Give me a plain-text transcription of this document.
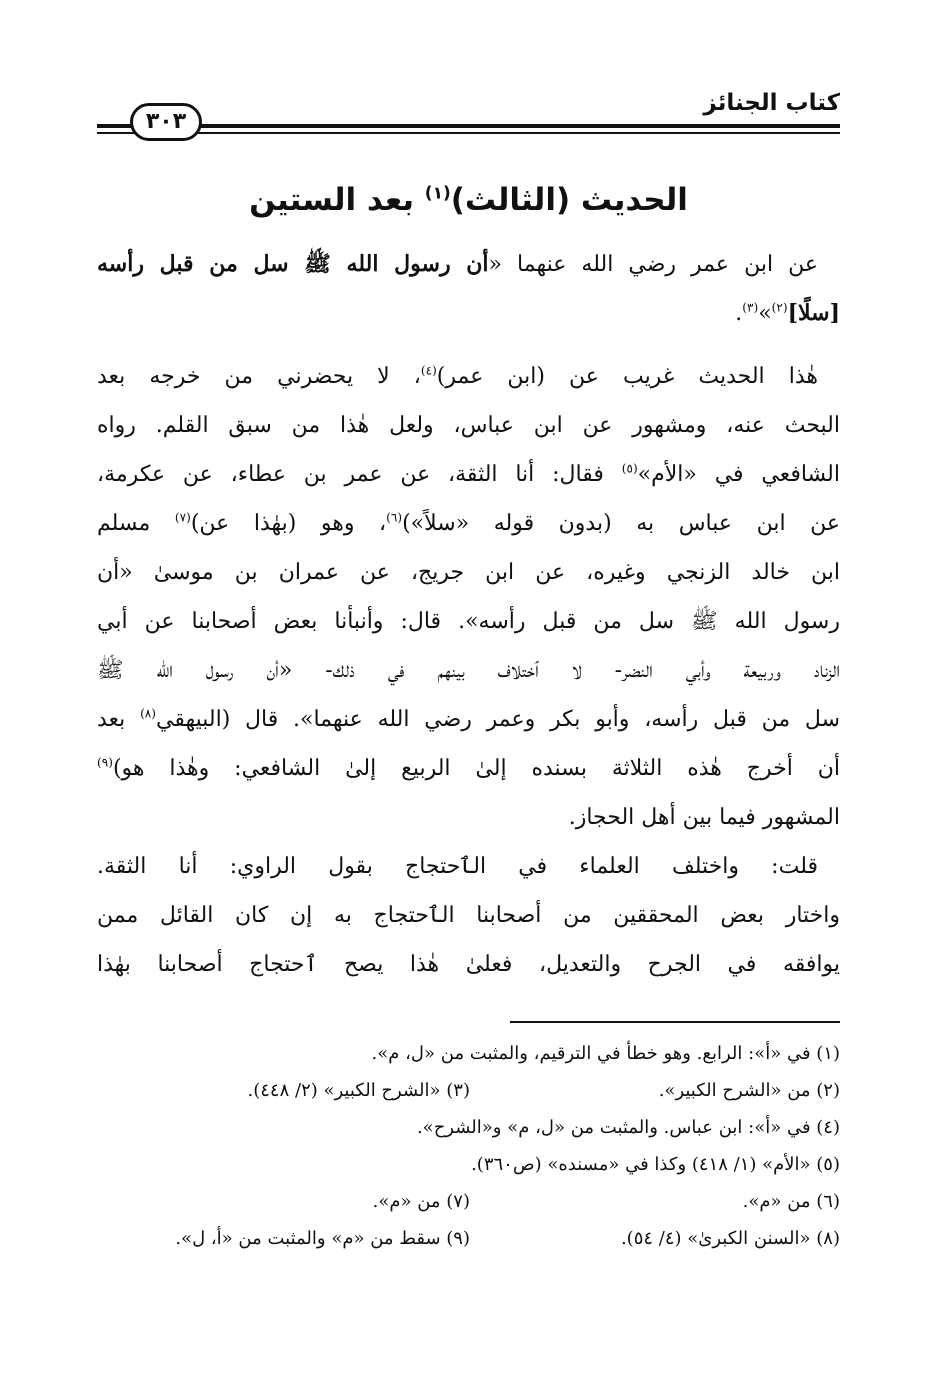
كتاب الجنائز
٣٠٣
الحديث (الثالث)$^{(١)}$ بعد الستين
عن ابن عمر رضي الله عنهما «أن رسول الله ﷺ سل من قبل رأسه
[سلًا]$^{(٢)}$»$^{(٣)}$.
هٰذا الحديث غريب عن (ابن عمر)$^{(٤)}$، لا يحضرني من خرجه بعد
البحث عنه، ومشهور عن ابن عباس، ولعل هٰذا من سبق القلم. رواه
الشافعي في «الأم»$^{(٥)}$ فقال: أنا الثقة، عن عمر بن عطاء، عن عكرمة،
عن ابن عباس به (بدون قوله «سلاً»)$^{(٦)}$، وهو (بهٰذا عن)$^{(٧)}$ مسلم
ابن خالد الزنجي وغيره، عن ابن جريج، عن عمران بن موسىٰ «أن
رسول الله ﷺ سل من قبل رأسه». قال: وأنبأنا بعض أصحابنا عن أبي
الزناد وربيعة وأبي النضر- لا ٱختلاف بينهم في ذلك- «أن رسول الله ﷺ
سل من قبل رأسه، وأبو بكر وعمر رضي الله عنهما». قال (البيهقي$^{(٨)}$ بعد
أن أخرج هٰذه الثلاثة بسنده إلىٰ الربيع إلىٰ الشافعي: وهٰذا هو)$^{(٩)}$
المشهور فيما بين أهل الحجاز.
قلت: واختلف العلماء في الٱحتجاج بقول الراوي: أنا الثقة.
واختار بعض المحققين من أصحابنا الٱحتجاج به إن كان القائل ممن
يوافقه في الجرح والتعديل، فعلىٰ هٰذا يصح ٱحتجاج أصحابنا بهٰذا
(١) في «أ»: الرابع. وهو خطأ في الترقيم، والمثبت من «ل، م».
(٢) من «الشرح الكبير».
(٣) «الشرح الكبير» (٢/ ٤٤٨).
(٤) في «أ»: ابن عباس. والمثبت من «ل، م» و«الشرح».
(٥) «الأم» (١/ ٤١٨) وكذا في «مسنده» (ص٣٦٠).
(٦) من «م».
(٧) من «م».
(٨) «السنن الكبرىٰ» (٤/ ٥٤).
(٩) سقط من «م» والمثبت من «أ، ل».
